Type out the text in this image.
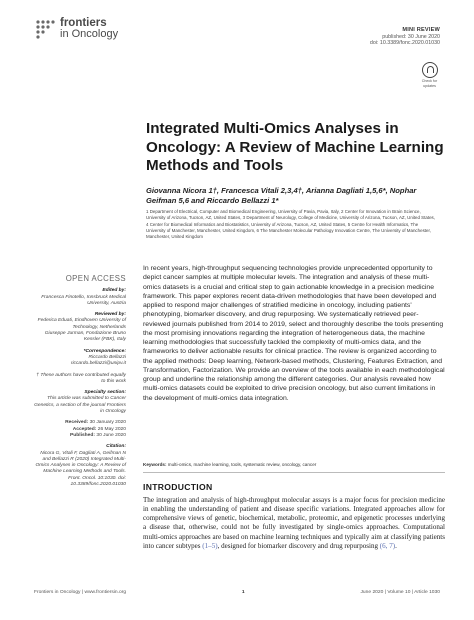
frontiers
in Oncology	MINI REVIEW
published: 30 June 2020
doi: 10.3389/fonc.2020.01030
Check for
updates
Integrated Multi-Omics Analyses in Oncology: A Review of Machine Learning Methods and Tools
Giovanna Nicora 1†, Francesca Vitali 2,3,4†, Arianna Dagliati 1,5,6*, Nophar Geifman 5,6 and Riccardo Bellazzi 1*
1 Department of Electrical, Computer and Biomedical Engineering, University of Pavia, Pavia, Italy, 2 Center for Innovation in Brain Science, University of Arizona, Tucson, AZ, United States, 3 Department of Neurology, College of Medicine, University of Arizona, Tucson, AZ, United States, 4 Center for Biomedical Informatics and Biostatistics, University of Arizona, Tucson, AZ, United States, 5 Centre for Health Informatics, The University of Manchester, Manchester, United Kingdom, 6 The Manchester Molecular Pathology Innovation Centre, The University of Manchester, Manchester, United Kingdom
OPEN ACCESS
Edited by:
Francesca Finotello, Innsbruck Medical University, Austria
Reviewed by:
Federica Eduati, Eindhoven University of Technology, Netherlands
Giuseppe Jurman, Fondazione Bruno Kessler (FBK), Italy
*Correspondence:
Riccardo Bellazzi
riccardo.bellazzi@unipv.it
† These authors have contributed equally to this work
Specialty section:
This article was submitted to Cancer Genetics, a section of the journal Frontiers in Oncology
Received: 30 January 2020
Accepted: 26 May 2020
Published: 30 June 2020
Citation:
Nicora G, Vitali F, Dagliati A, Geifman N and Bellazzi R (2020) Integrated Multi-Omics Analyses in Oncology: A Review of Machine Learning Methods and Tools. Front. Oncol. 10:1030. doi: 10.3389/fonc.2020.01030
In recent years, high-throughput sequencing technologies provide unprecedented opportunity to depict cancer samples at multiple molecular levels. The integration and analysis of these multi-omics datasets is a crucial and critical step to gain actionable knowledge in a precision medicine framework. This paper explores recent data-driven methodologies that have been developed and applied to respond major challenges of stratified medicine in oncology, including patients' phenotyping, biomarker discovery, and drug repurposing. We systematically retrieved peer-reviewed journals published from 2014 to 2019, select and thoroughly describe the tools presenting the most promising innovations regarding the integration of heterogeneous data, the machine learning methodologies that successfully tackled the complexity of multi-omics data, and the frameworks to deliver actionable results for clinical practice. The review is organized according to the applied methods: Deep learning, Network-based methods, Clustering, Features Extraction, and Transformation, Factorization. We provide an overview of the tools available in each methodological group and underline the relationship among the different categories. Our analysis revealed how multi-omics datasets could be exploited to drive precision oncology, but also current limitations in the development of multi-omics data integration.
Keywords: multi-omics, machine learning, tools, systematic review, oncology, cancer
INTRODUCTION
The integration and analysis of high-throughput molecular assays is a major focus for precision medicine in enabling the understanding of patient and disease specific variations. Integrated approaches allow for comprehensive views of genetic, biochemical, metabolic, proteomic, and epigenetic processes underlying a disease that, otherwise, could not be fully investigated by single-omics approaches. Computational multi-omics approaches are based on machine learning techniques and typically aim at classifying patients into cancer subtypes (1–5), designed for biomarker discovery and drug repurposing (6, 7).
Frontiers in Oncology | www.frontiersin.org	1	June 2020 | Volume 10 | Article 1030
